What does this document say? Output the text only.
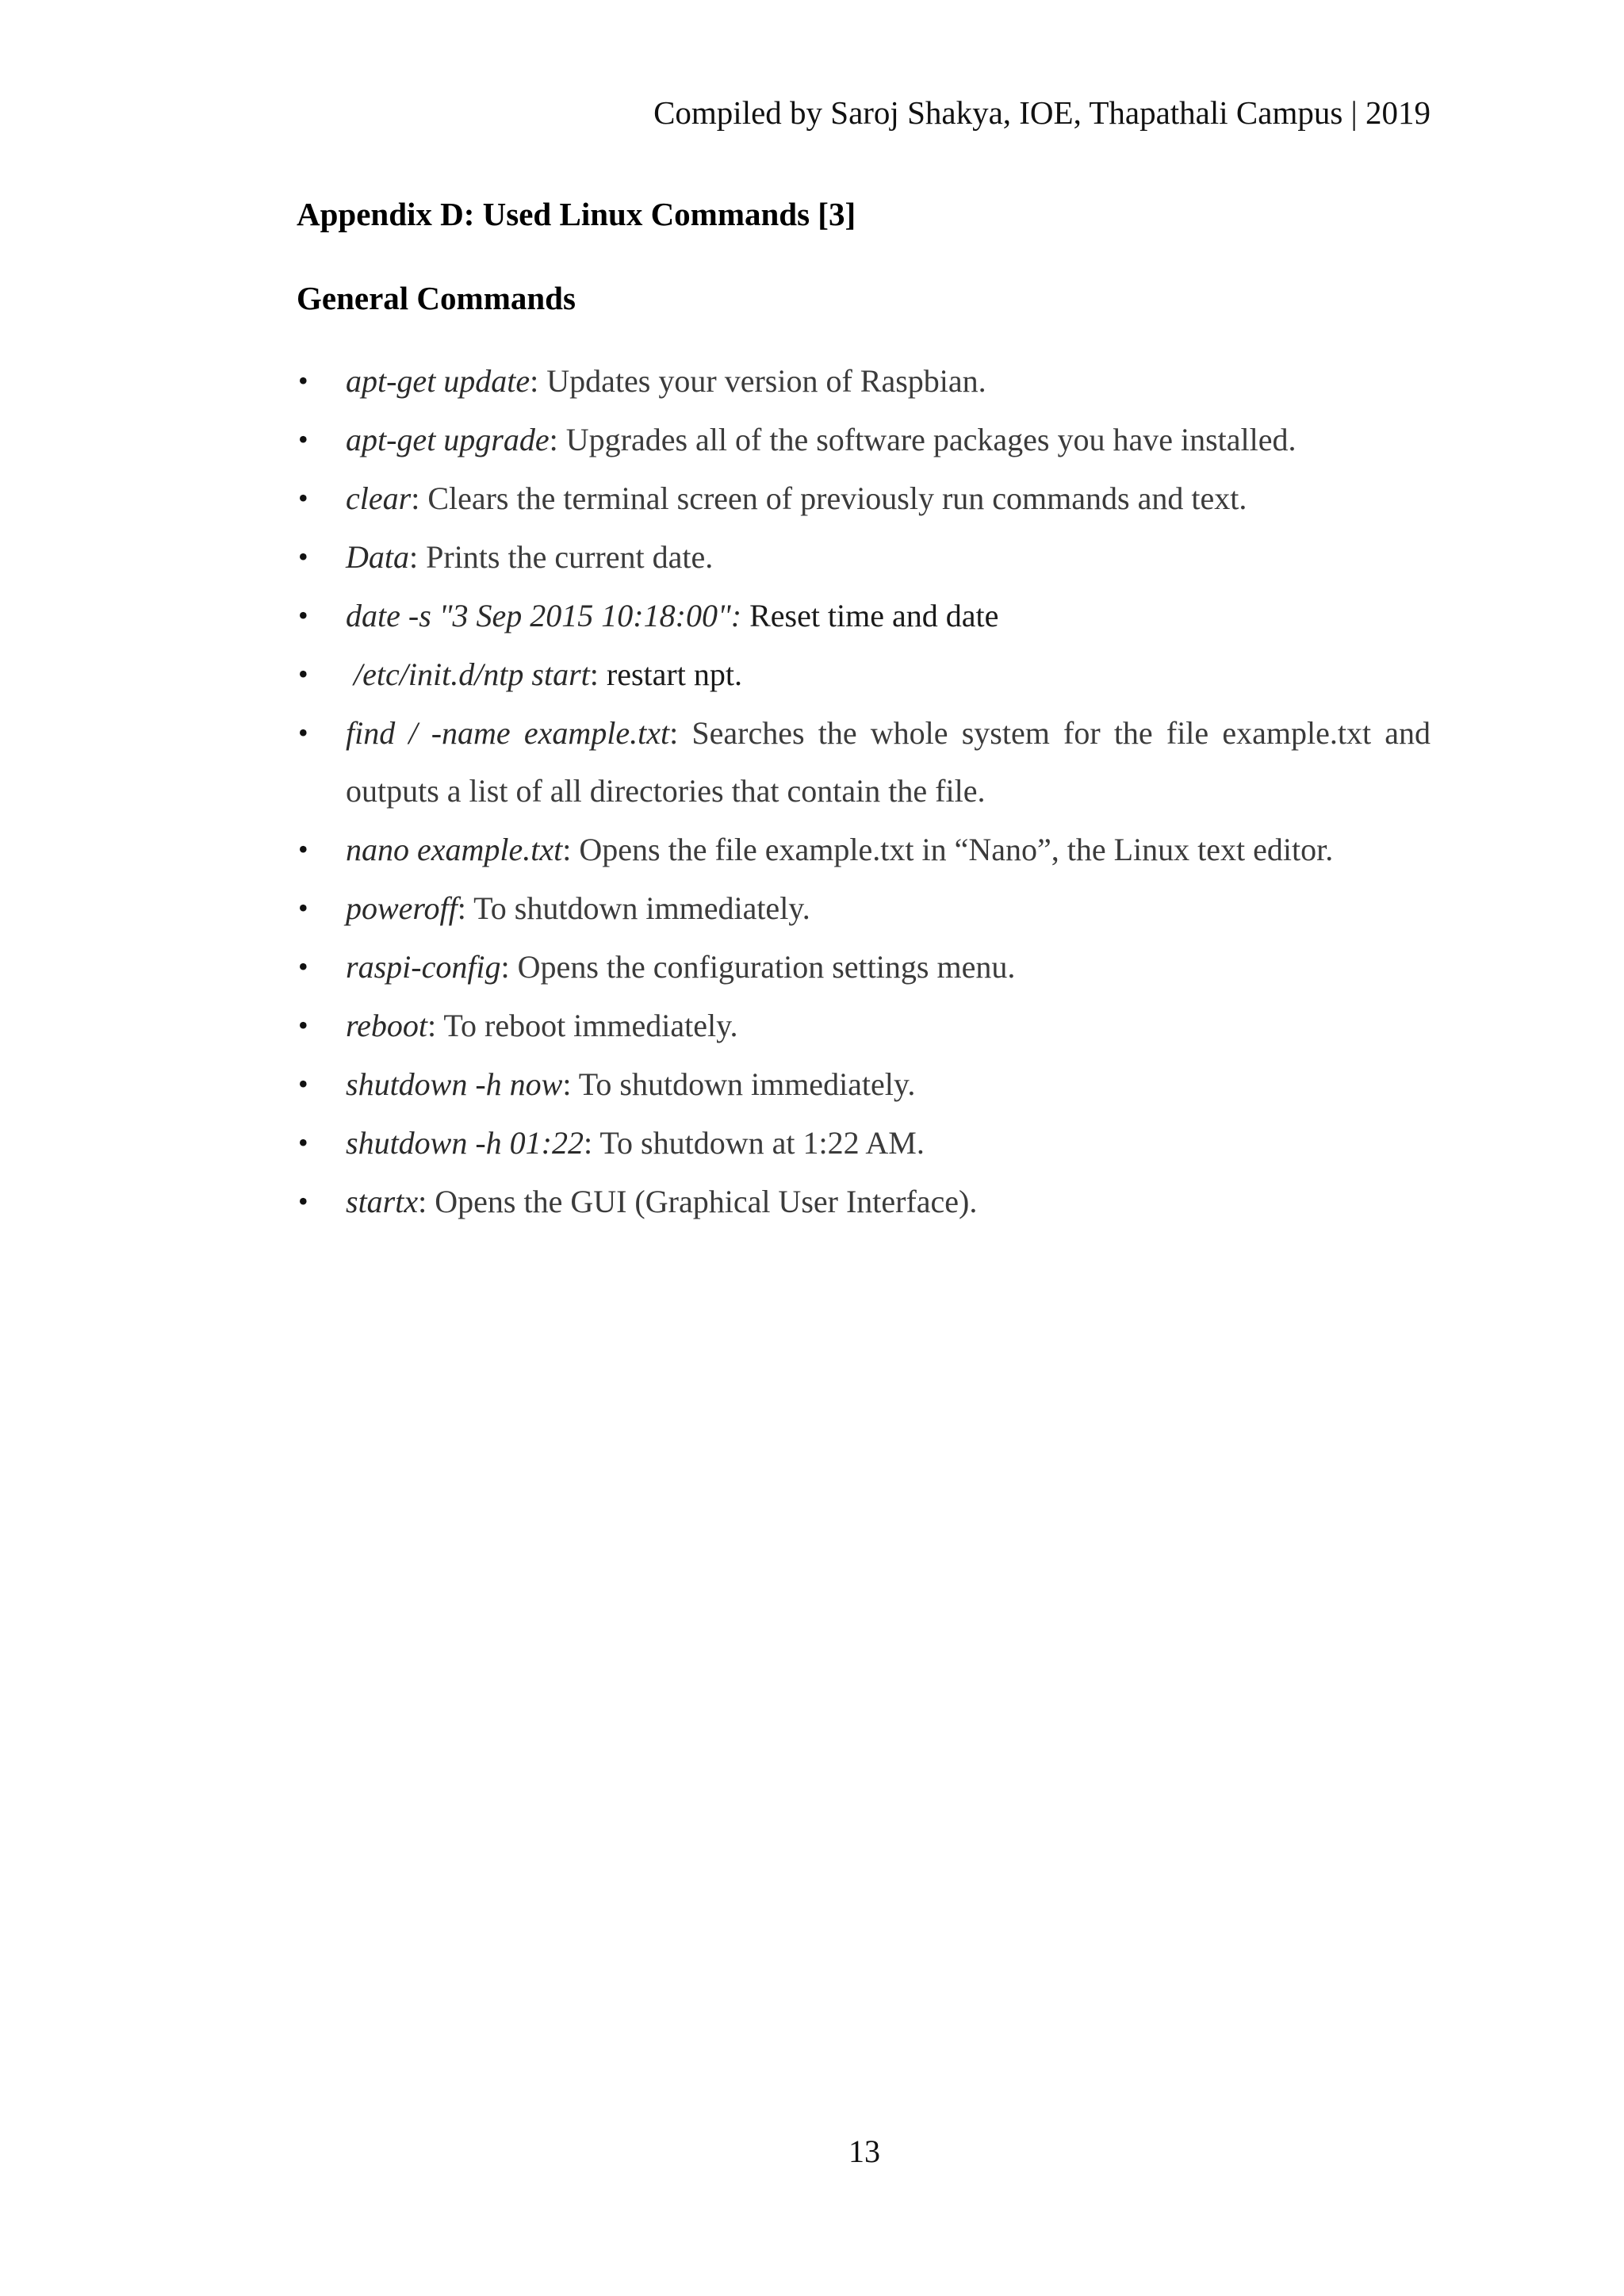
Compiled by Saroj Shakya, IOE, Thapathali Campus | 2019
Appendix D: Used Linux Commands [3]
General Commands
• apt-get update: Updates your version of Raspbian.
• apt-get upgrade: Upgrades all of the software packages you have installed.
• clear: Clears the terminal screen of previously run commands and text.
• Data: Prints the current date.
• date -s "3 Sep 2015 10:18:00": Reset time and date
• /etc/init.d/ntp start: restart npt.
• find / -name example.txt: Searches the whole system for the file example.txt and outputs a list of all directories that contain the file.
• nano example.txt: Opens the file example.txt in “Nano”, the Linux text editor.
• poweroff: To shutdown immediately.
• raspi-config: Opens the configuration settings menu.
• reboot: To reboot immediately.
• shutdown -h now: To shutdown immediately.
• shutdown -h 01:22: To shutdown at 1:22 AM.
• startx: Opens the GUI (Graphical User Interface).
13
